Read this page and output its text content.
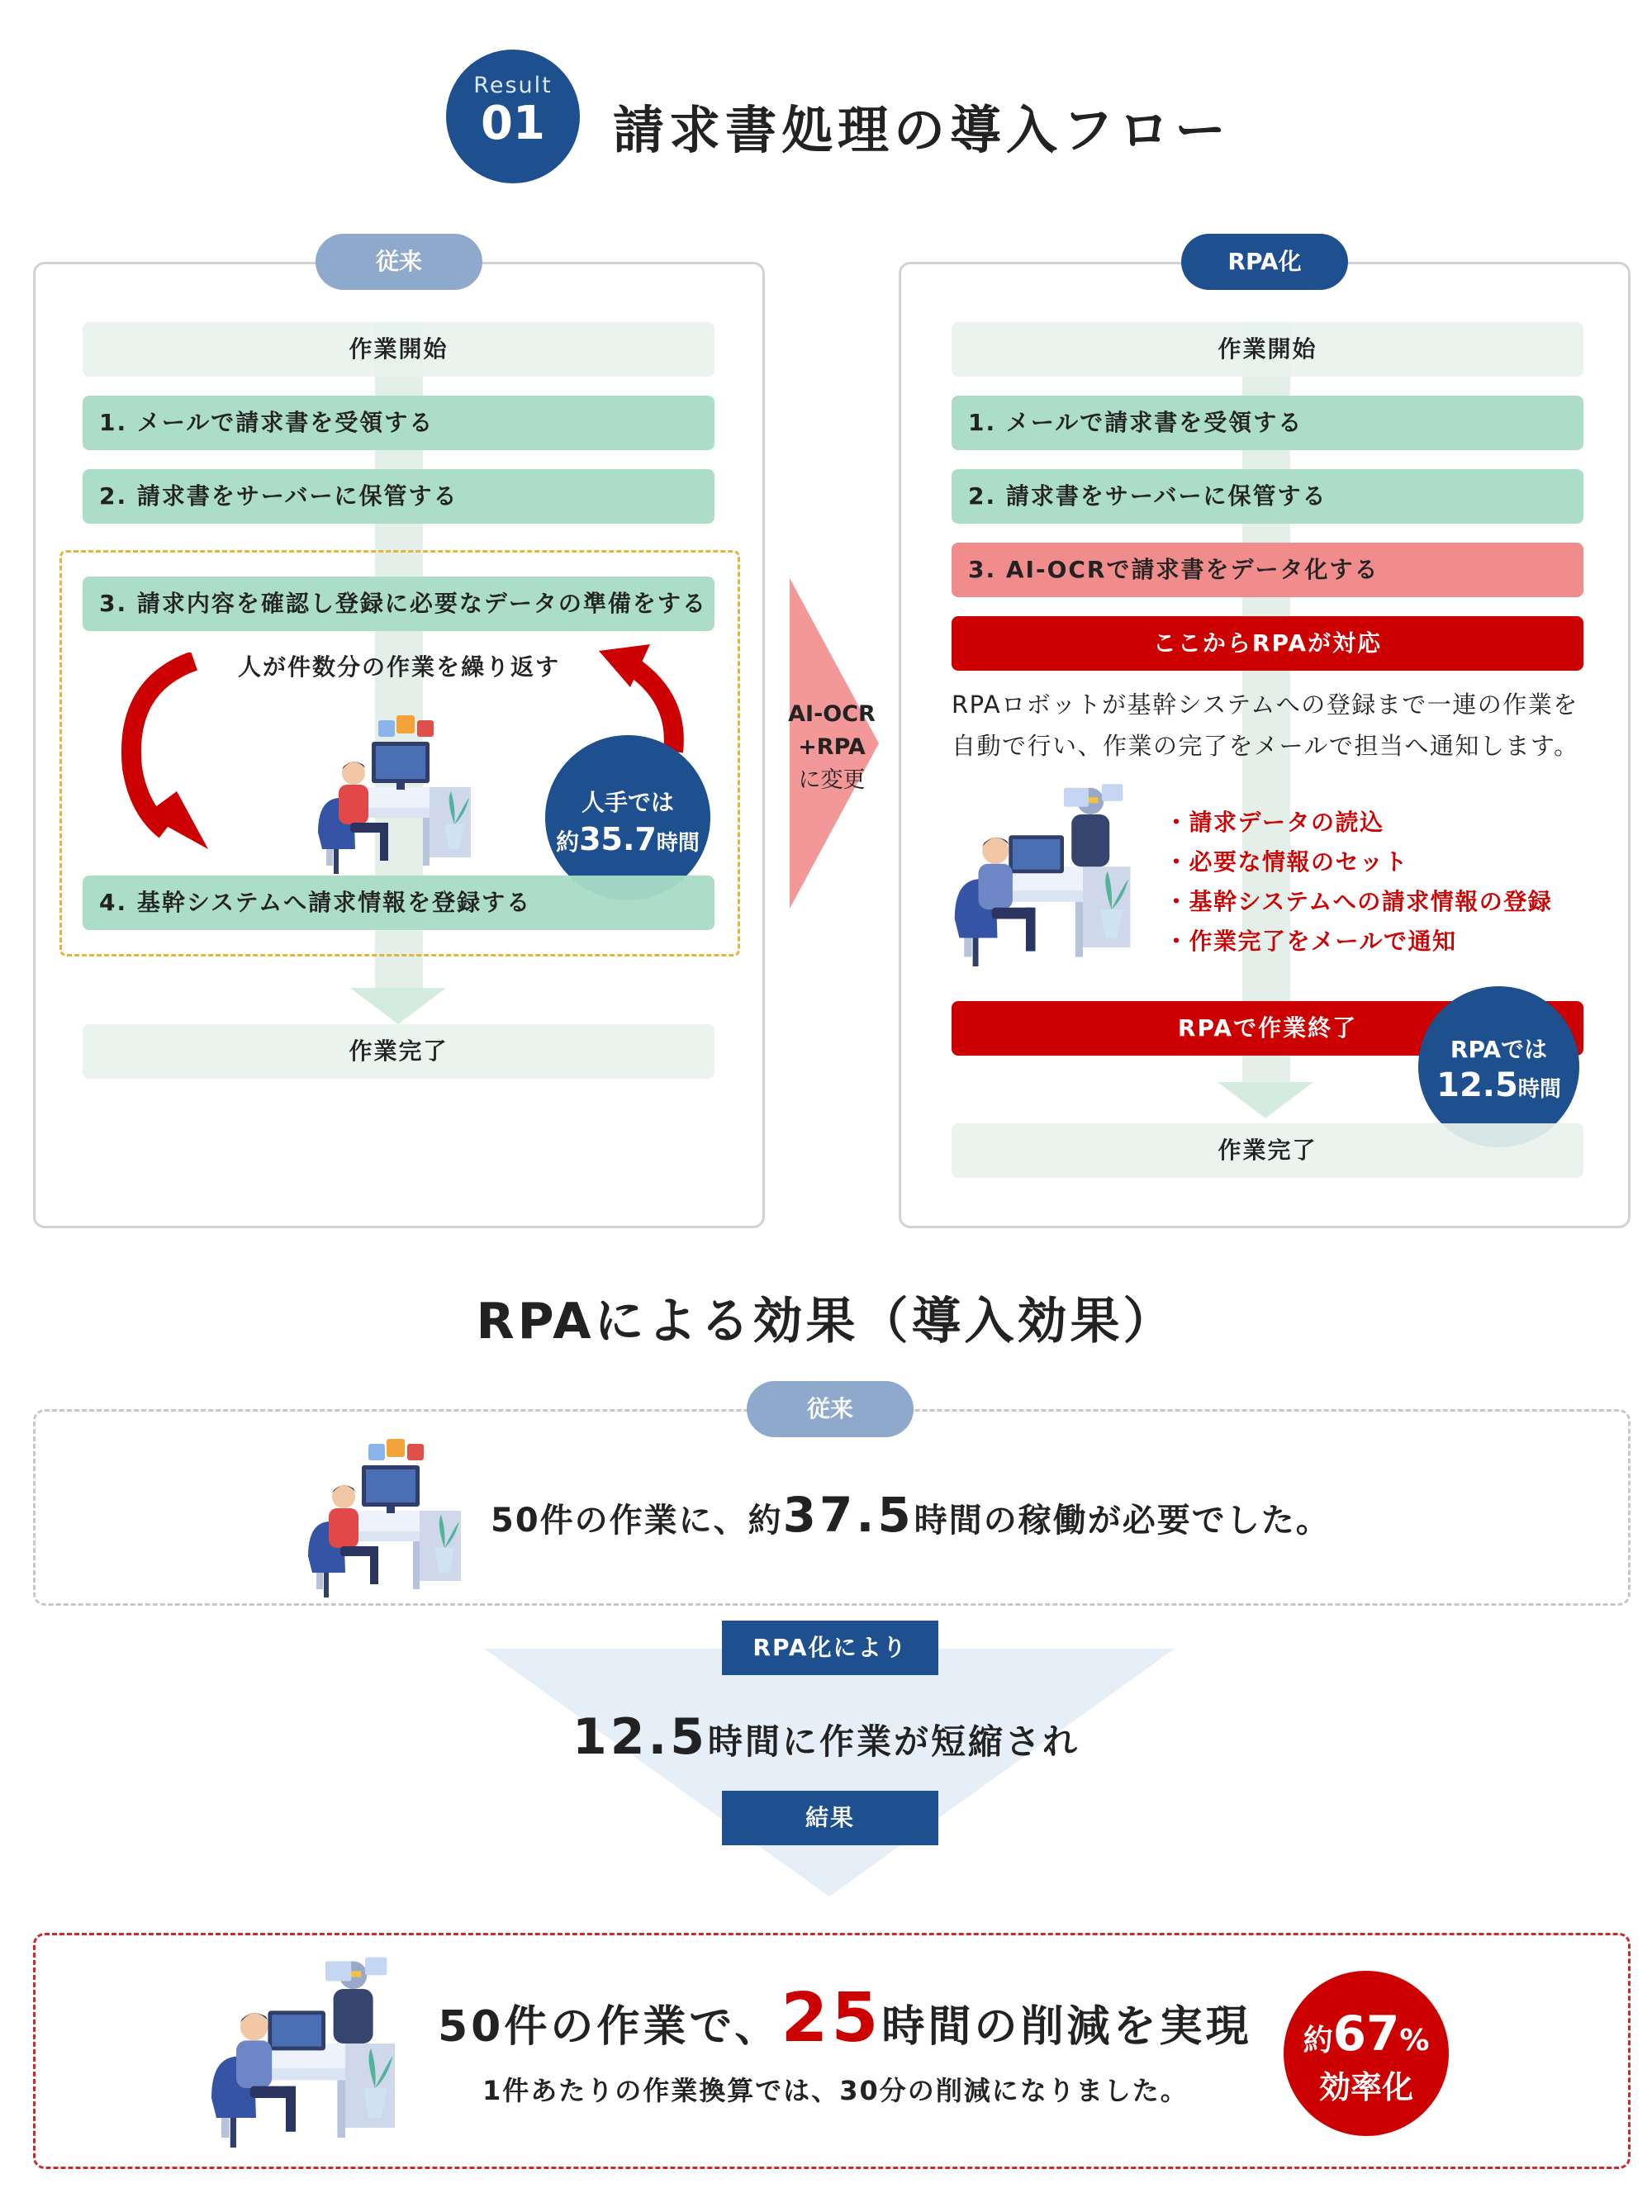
Result
01	請求書処理の導入フロー
従来
作業開始
1. メールで請求書を受領する
2. 請求書をサーバーに保管する
3. 請求内容を確認し登録に必要なデータの準備をする
人が件数分の作業を繰り返す
人手では
約35.7時間
4. 基幹システムへ請求情報を登録する
作業完了
AI-OCR
+RPA
に変更
RPA化
作業開始
1. メールで請求書を受領する
2. 請求書をサーバーに保管する
3. AI-OCRで請求書をデータ化する
ここからRPAが対応
RPAロボットが基幹システムへの登録まで一連の作業を自動で行い、作業の完了をメールで担当へ通知します。
・請求データの読込
・必要な情報のセット
・基幹システムへの請求情報の登録
・作業完了をメールで通知
RPAで作業終了
RPAでは
12.5時間
作業完了
RPAによる効果（導入効果）
従来
50件の作業に、約37.5時間の稼働が必要でした。
RPA化により
12.5時間に作業が短縮され
結果
50件の作業で、25時間の削減を実現
1件あたりの作業換算では、30分の削減になりました。
約67%
効率化
